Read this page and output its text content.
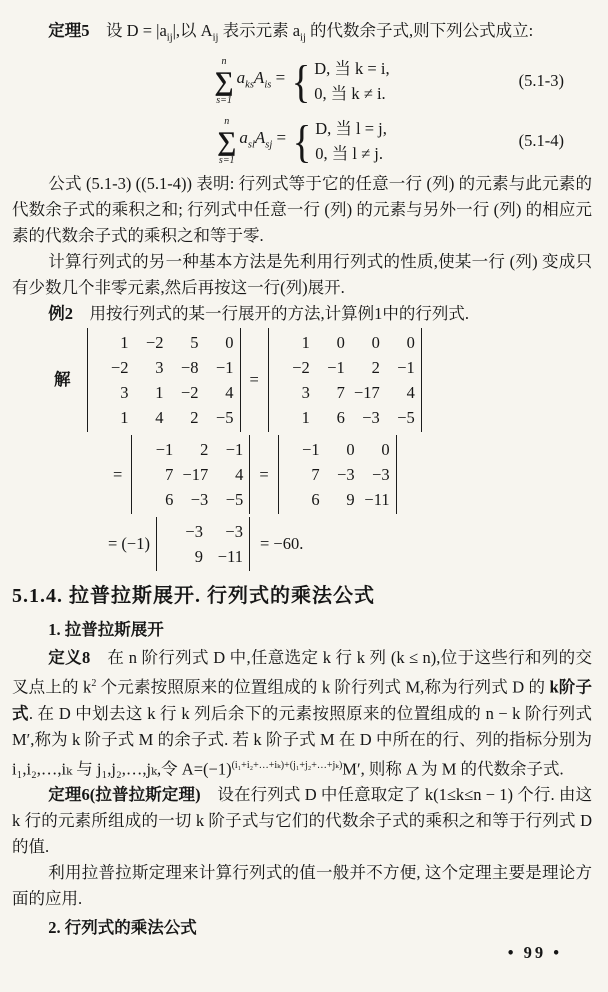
定理5　设 $D = |a_{ij}|$,以 $A_{ij}$ 表示元素 $a_{ij}$ 的代数余子式,则下列公式成立:

n
∑
s=1
$a_{ks}A_{is}$ = { D, 当 k = i,
0, 当 k ≠ i.
(5.1-3)
n
∑
s=1
$a_{sl}A_{sj}$ = { D, 当 l = j,
0, 当 l ≠ j.
(5.1-4)

公式 (5.1-3) ((5.1-4)) 表明: 行列式等于它的任意一行 (列) 的元素与此元素的代数余子式的乘积之和; 行列式中任意一行 (列) 的元素与另外一行 (列) 的相应元素的代数余子式的乘积之和等于零.

计算行列式的另一种基本方法是先利用行列式的性质,使某一行 (列) 变成只有少数几个非零元素,然后再按这一行(列)展开.

例2　用按行列式的某一行展开的方法,计算例1中的行列式.

解
1	−2	5	0
−2	3	−8	−1
3	1	−2	4
1	4	2	−5
=
1	0	0	0
−2	−1	2	−1
3	7 −17	4
1	6	−3	−5
=
−1	2	−1
7 −17	4
6	−3	−5
=
−1	0	0
7	−3	−3
6	9 −11
= (−1)
−3	−3
9 −11
= −60.
5.1.4. 拉普拉斯展开. 行列式的乘法公式

1. 拉普拉斯展开

定义8　在 n 阶行列式 D 中,任意选定 k 行 k 列 (k ≤ n),位于这些行和列的交叉点上的 $k^2$ 个元素按照原来的位置组成的 k 阶行列式 M,称为行列式 D 的 k阶子式. 在 D 中划去这 k 行 k 列后余下的元素按照原来的位置组成的 n − k 阶行列式 M′,称为 k 阶子式 M 的余子式. 若 k 阶子式 M 在 D 中所在的行、列的指标分别为 i₁,i₂,…,iₖ 与 j₁,j₂,…,jₖ,令 $A=(-1)^{(i_1+i_2+\dots+i_k)+(j_1+j_2+\dots+j_k)}M'$, 则称 A 为 M 的代数余子式.

定理6(拉普拉斯定理)　设在行列式 D 中任意取定了 k(1≤k≤n − 1) 个行. 由这 k 行的元素所组成的一切 k 阶子式与它们的代数余子式的乘积之和等于行列式 D 的值.

利用拉普拉斯定理来计算行列式的值一般并不方便, 这个定理主要是理论方面的应用.

2. 行列式的乘法公式

• 99 •
